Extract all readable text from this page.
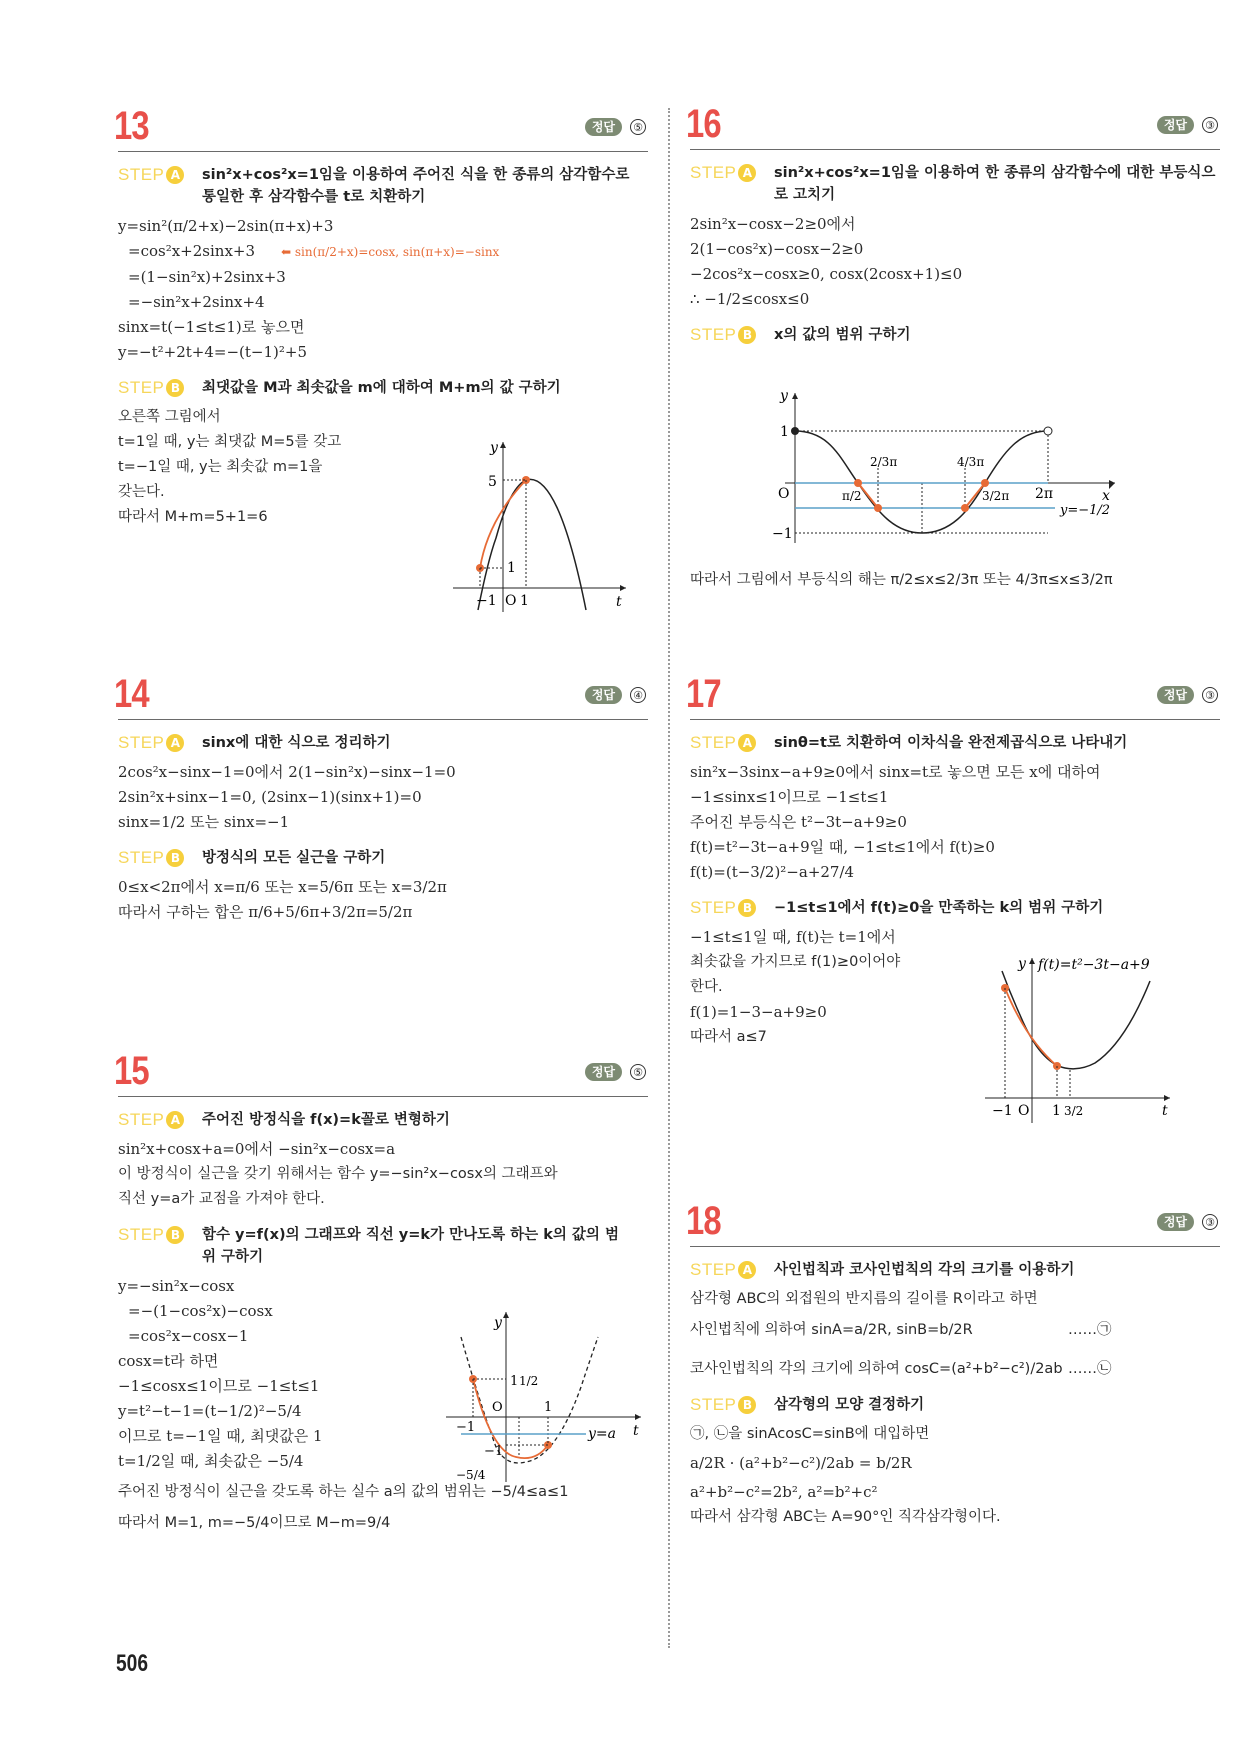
13	정답	⑤
STEP A	sin²x+cos²x=1임을 이용하여 주어진 식을 한 종류의 삼각함수로 통일한 후 삼각함수를 t로 치환하기
y=sin²(π/2+x)−2sin(π+x)+3
=cos²x+2sinx+3 ⬅ sin(π/2+x)=cosx, sin(π+x)=−sinx
=(1−sin²x)+2sinx+3
=−sin²x+2sinx+4
sinx=t(−1≤t≤1)로 놓으면
y=−t²+2t+4=−(t−1)²+5
STEP B	최댓값을 M과 최솟값을 m에 대하여 M+m의 값 구하기
오른쪽 그림에서
t=1일 때, y는 최댓값 M=5를 갖고
t=−1일 때, y는 최솟값 m=1을
갖는다.
따라서 M+m=5+1=6
y
5
1
−1 O 1	t
14	정답	④
STEP A	sinx에 대한 식으로 정리하기
2cos²x−sinx−1=0에서 2(1−sin²x)−sinx−1=0
2sin²x+sinx−1=0, (2sinx−1)(sinx+1)=0
sinx=1/2 또는 sinx=−1
STEP B	방정식의 모든 실근을 구하기
0≤x<2π에서 x=π/6 또는 x=5/6π 또는 x=3/2π
따라서 구하는 합은 π/6+5/6π+3/2π=5/2π
15	정답	⑤
STEP A	주어진 방정식을 f(x)=k꼴로 변형하기
sin²x+cosx+a=0에서 −sin²x−cosx=a
이 방정식이 실근을 갖기 위해서는 함수 y=−sin²x−cosx의 그래프와
직선 y=a가 교점을 가져야 한다.
STEP B	함수 y=f(x)의 그래프와 직선 y=k가 만나도록 하는 k의 값의 범위 구하기
y=−sin²x−cosx
=−(1−cos²x)−cosx
=cos²x−cosx−1
cosx=t라 하면
−1≤cosx≤1이므로 −1≤t≤1
y=t²−t−1=(t−1/2)²−5/4
이므로 t=−1일 때, 최댓값은 1
t=1/2일 때, 최솟값은 −5/4
주어진 방정식이 실근을 갖도록 하는 실수 a의 값의 범위는 −5/4≤a≤1
따라서 M=1, m=−5/4이므로 M−m=9/4
y
1 1/2
O	1
−1
−1
y=a
−5/4
t
16	정답	③
STEP A	sin²x+cos²x=1임을 이용하여 한 종류의 삼각함수에 대한 부등식으로 고치기
2sin²x−cosx−2≥0에서
2(1−cos²x)−cosx−2≥0
−2cos²x−cosx≥0, cosx(2cosx+1)≤0
∴ −1/2≤cosx≤0
STEP B	x의 값의 범위 구하기
y
1
−1
O	π/2
2/3π	4/3π
3/2π 2π	x
y=−1/2
따라서 그림에서 부등식의 해는 π/2≤x≤2/3π 또는 4/3π≤x≤3/2π
17	정답	③
STEP A	sinθ=t로 치환하여 이차식을 완전제곱식으로 나타내기
sin²x−3sinx−a+9≥0에서 sinx=t로 놓으면 모든 x에 대하여
−1≤sinx≤1이므로 −1≤t≤1
주어진 부등식은 t²−3t−a+9≥0
f(t)=t²−3t−a+9일 때, −1≤t≤1에서 f(t)≥0
f(t)=(t−3/2)²−a+27/4
STEP B	−1≤t≤1에서 f(t)≥0을 만족하는 k의 범위 구하기
−1≤t≤1일 때, f(t)는 t=1에서
최솟값을 가지므로 f(1)≥0이어야
한다.
f(1)=1−3−a+9≥0
따라서 a≤7
y f(t)=t²−3t−a+9
−1 O 1 3/2	t
18	정답	③
STEP A	사인법칙과 코사인법칙의 각의 크기를 이용하기
삼각형 ABC의 외접원의 반지름의 길이를 R이라고 하면
사인법칙에 의하여 sinA=a/2R, sinB=b/2R	……㉠
코사인법칙의 각의 크기에 의하여 cosC=(a²+b²−c²)/2ab ……㉡
STEP B	삼각형의 모양 결정하기
㉠, ㉡을 sinAcosC=sinB에 대입하면
a/2R · (a²+b²−c²)/2ab = b/2R
a²+b²−c²=2b², a²=b²+c²
따라서 삼각형 ABC는 A=90°인 직각삼각형이다.
506
